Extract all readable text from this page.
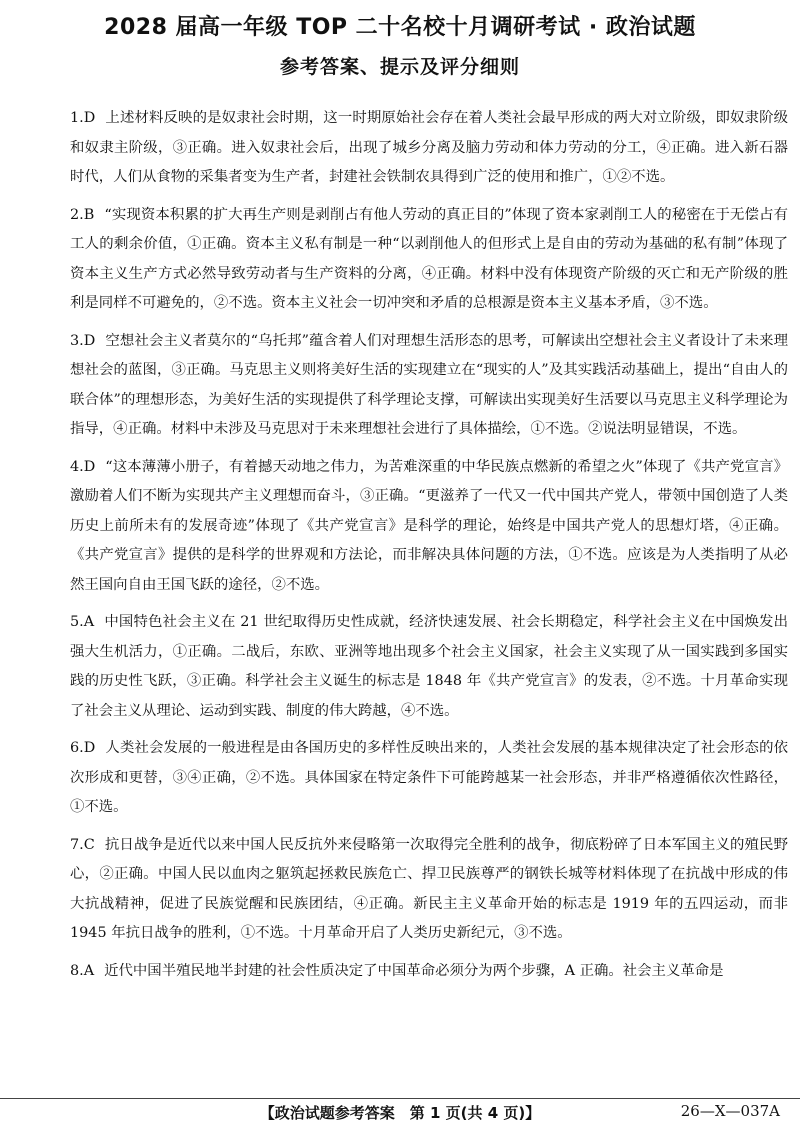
2028 届高一年级 TOP 二十名校十月调研考试 · 政治试题
参考答案、提示及评分细则
1.D 上述材料反映的是奴隶社会时期，这一时期原始社会存在着人类社会最早形成的两大对立阶级，即奴隶阶级和奴隶主阶级，③正确。进入奴隶社会后，出现了城乡分离及脑力劳动和体力劳动的分工，④正确。进入新石器时代，人们从食物的采集者变为生产者，封建社会铁制农具得到广泛的使用和推广，①②不选。
2.B “实现资本积累的扩大再生产则是剥削占有他人劳动的真正目的”体现了资本家剥削工人的秘密在于无偿占有工人的剩余价值，①正确。资本主义私有制是一种“以剥削他人的但形式上是自由的劳动为基础的私有制”体现了资本主义生产方式必然导致劳动者与生产资料的分离，④正确。材料中没有体现资产阶级的灭亡和无产阶级的胜利是同样不可避免的，②不选。资本主义社会一切冲突和矛盾的总根源是资本主义基本矛盾，③不选。
3.D 空想社会主义者莫尔的“乌托邦”蕴含着人们对理想生活形态的思考，可解读出空想社会主义者设计了未来理想社会的蓝图，③正确。马克思主义则将美好生活的实现建立在“现实的人”及其实践活动基础上，提出“自由人的联合体”的理想形态，为美好生活的实现提供了科学理论支撑，可解读出实现美好生活要以马克思主义科学理论为指导，④正确。材料中未涉及马克思对于未来理想社会进行了具体描绘，①不选。②说法明显错误，不选。
4.D “这本薄薄小册子，有着撼天动地之伟力，为苦难深重的中华民族点燃新的希望之火”体现了《共产党宣言》激励着人们不断为实现共产主义理想而奋斗，③正确。“更滋养了一代又一代中国共产党人，带领中国创造了人类历史上前所未有的发展奇迹”体现了《共产党宣言》是科学的理论，始终是中国共产党人的思想灯塔，④正确。《共产党宣言》提供的是科学的世界观和方法论，而非解决具体问题的方法，①不选。应该是为人类指明了从必然王国向自由王国飞跃的途径，②不选。
5.A 中国特色社会主义在 21 世纪取得历史性成就，经济快速发展、社会长期稳定，科学社会主义在中国焕发出强大生机活力，①正确。二战后，东欧、亚洲等地出现多个社会主义国家，社会主义实现了从一国实践到多国实践的历史性飞跃，③正确。科学社会主义诞生的标志是 1848 年《共产党宣言》的发表，②不选。十月革命实现了社会主义从理论、运动到实践、制度的伟大跨越，④不选。
6.D 人类社会发展的一般进程是由各国历史的多样性反映出来的，人类社会发展的基本规律决定了社会形态的依次形成和更替，③④正确，②不选。具体国家在特定条件下可能跨越某一社会形态，并非严格遵循依次性路径，①不选。
7.C 抗日战争是近代以来中国人民反抗外来侵略第一次取得完全胜利的战争，彻底粉碎了日本军国主义的殖民野心，②正确。中国人民以血肉之躯筑起拯救民族危亡、捍卫民族尊严的钢铁长城等材料体现了在抗战中形成的伟大抗战精神，促进了民族觉醒和民族团结，④正确。新民主主义革命开始的标志是 1919 年的五四运动，而非 1945 年抗日战争的胜利，①不选。十月革命开启了人类历史新纪元，③不选。
8.A 近代中国半殖民地半封建的社会性质决定了中国革命必须分为两个步骤，A 正确。社会主义革命是
【政治试题参考答案　第 1 页(共 4 页)】	26—X—037A
